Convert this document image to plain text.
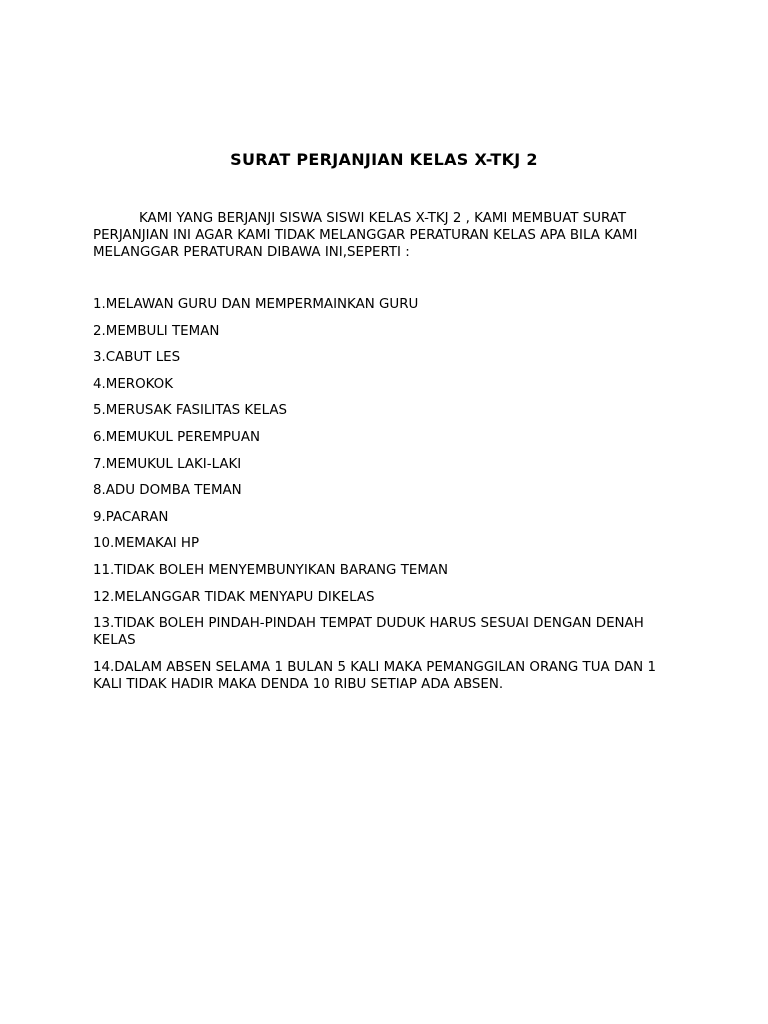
SURAT PERJANJIAN KELAS X-TKJ 2

KAMI YANG BERJANJI SISWA SISWI KELAS X-TKJ 2 , KAMI MEMBUAT SURAT PERJANJIAN INI AGAR KAMI TIDAK MELANGGAR PERATURAN KELAS APA BILA KAMI MELANGGAR PERATURAN DIBAWA INI,SEPERTI :

1.MELAWAN GURU DAN MEMPERMAINKAN GURU
2.MEMBULI TEMAN
3.CABUT LES
4.MEROKOK
5.MERUSAK FASILITAS KELAS
6.MEMUKUL PEREMPUAN
7.MEMUKUL LAKI-LAKI
8.ADU DOMBA TEMAN
9.PACARAN
10.MEMAKAI HP
11.TIDAK BOLEH MENYEMBUNYIKAN BARANG TEMAN
12.MELANGGAR TIDAK MENYAPU DIKELAS
13.TIDAK BOLEH PINDAH-PINDAH TEMPAT DUDUK HARUS SESUAI DENGAN DENAH KELAS
14.DALAM ABSEN SELAMA 1 BULAN 5 KALI MAKA PEMANGGILAN ORANG TUA DAN 1 KALI TIDAK HADIR MAKA DENDA 10 RIBU SETIAP ADA ABSEN.
